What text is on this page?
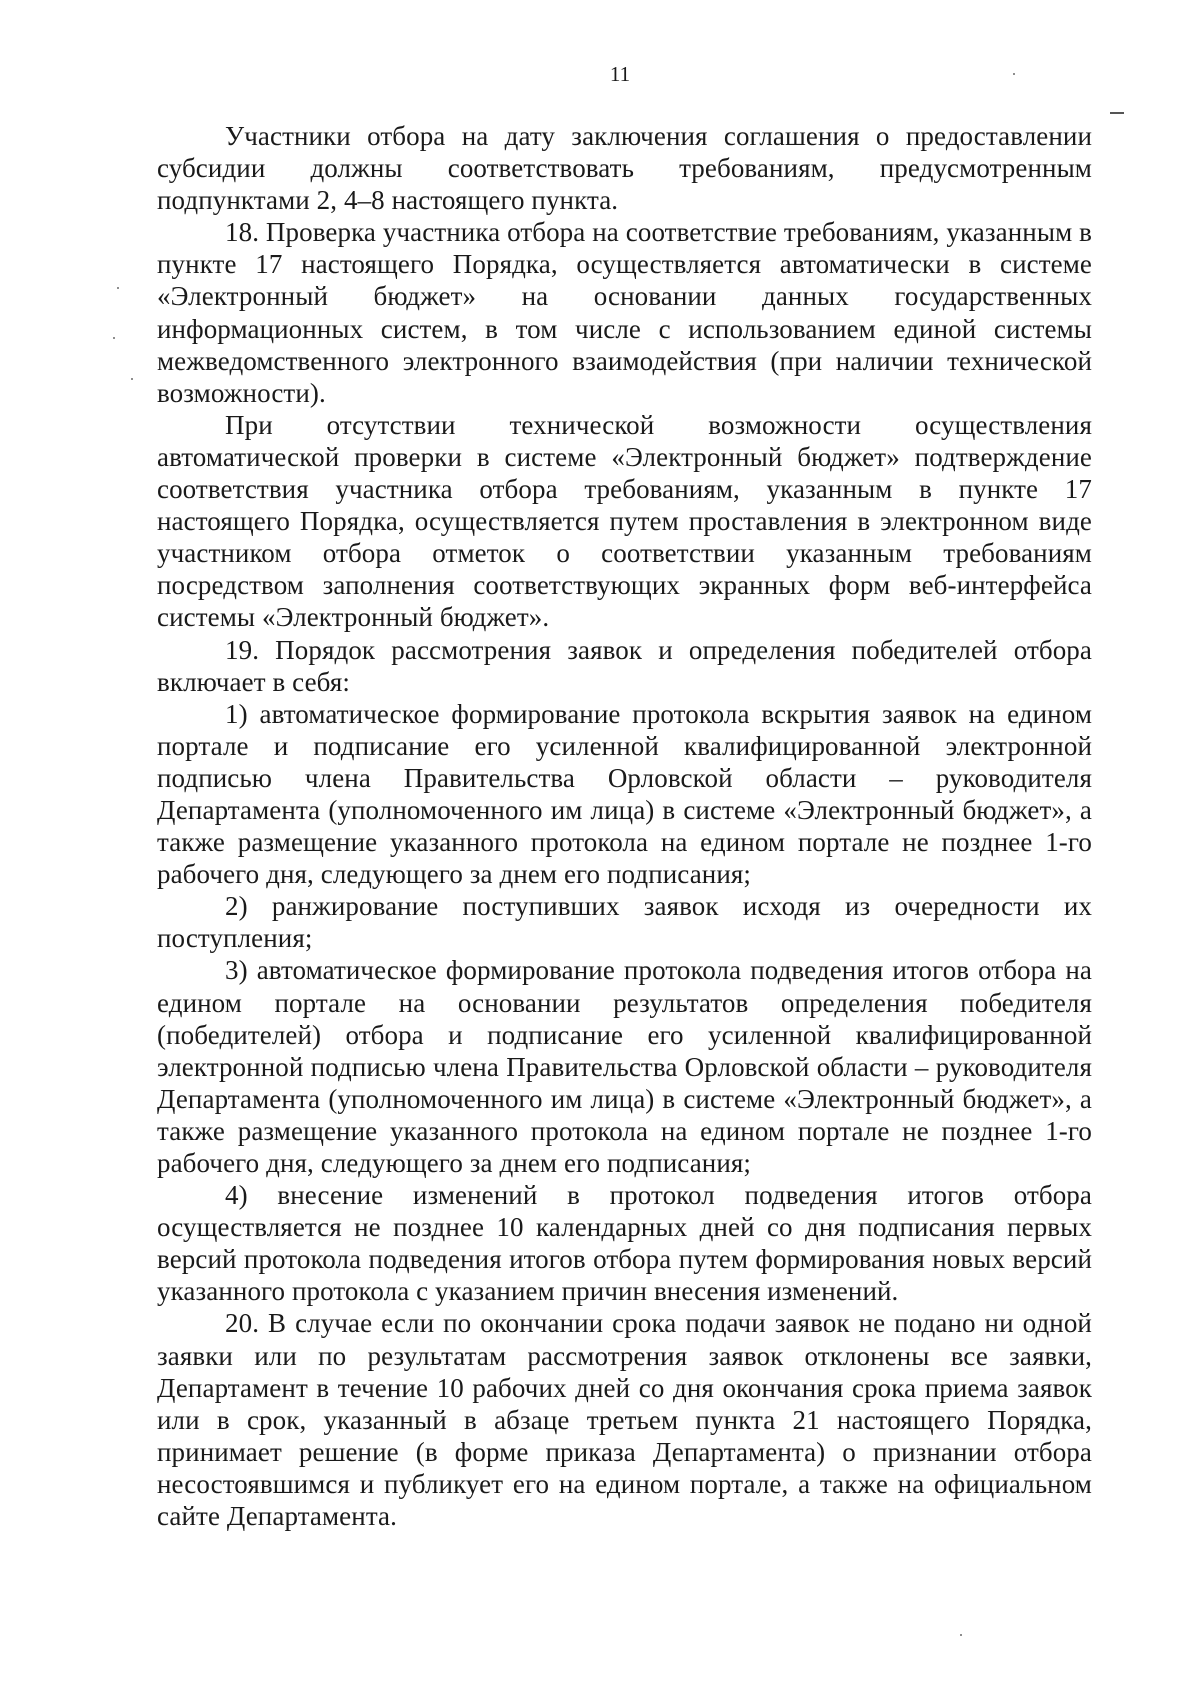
11

Участники отбора на дату заключения соглашения о предоставлении субсидии должны соответствовать требованиям, предусмотренным подпунктами 2, 4–8 настоящего пункта.

18. Проверка участника отбора на соответствие требованиям, указанным в пункте 17 настоящего Порядка, осуществляется автоматически в системе «Электронный бюджет» на основании данных государственных информационных систем, в том числе с использованием единой системы межведомственного электронного взаимодействия (при наличии технической возможности).

При отсутствии технической возможности осуществления автоматической проверки в системе «Электронный бюджет» подтверждение соответствия участника отбора требованиям, указанным в пункте 17 настоящего Порядка, осуществляется путем проставления в электронном виде участником отбора отметок о соответствии указанным требованиям посредством заполнения соответствующих экранных форм веб-интерфейса системы «Электронный бюджет».

19. Порядок рассмотрения заявок и определения победителей отбора включает в себя:

1) автоматическое формирование протокола вскрытия заявок на едином портале и подписание его усиленной квалифицированной электронной подписью члена Правительства Орловской области – руководителя Департамента (уполномоченного им лица) в системе «Электронный бюджет», а также размещение указанного протокола на едином портале не позднее 1-го рабочего дня, следующего за днем его подписания;

2) ранжирование поступивших заявок исходя из очередности их поступления;

3) автоматическое формирование протокола подведения итогов отбора на едином портале на основании результатов определения победителя (победителей) отбора и подписание его усиленной квалифицированной электронной подписью члена Правительства Орловской области – руководителя Департамента (уполномоченного им лица) в системе «Электронный бюджет», а также размещение указанного протокола на едином портале не позднее 1-го рабочего дня, следующего за днем его подписания;

4) внесение изменений в протокол подведения итогов отбора осуществляется не позднее 10 календарных дней со дня подписания первых версий протокола подведения итогов отбора путем формирования новых версий указанного протокола с указанием причин внесения изменений.

20. В случае если по окончании срока подачи заявок не подано ни одной заявки или по результатам рассмотрения заявок отклонены все заявки, Департамент в течение 10 рабочих дней со дня окончания срока приема заявок или в срок, указанный в абзаце третьем пункта 21 настоящего Порядка, принимает решение (в форме приказа Департамента) о признании отбора несостоявшимся и публикует его на едином портале, а также на официальном сайте Департамента.
